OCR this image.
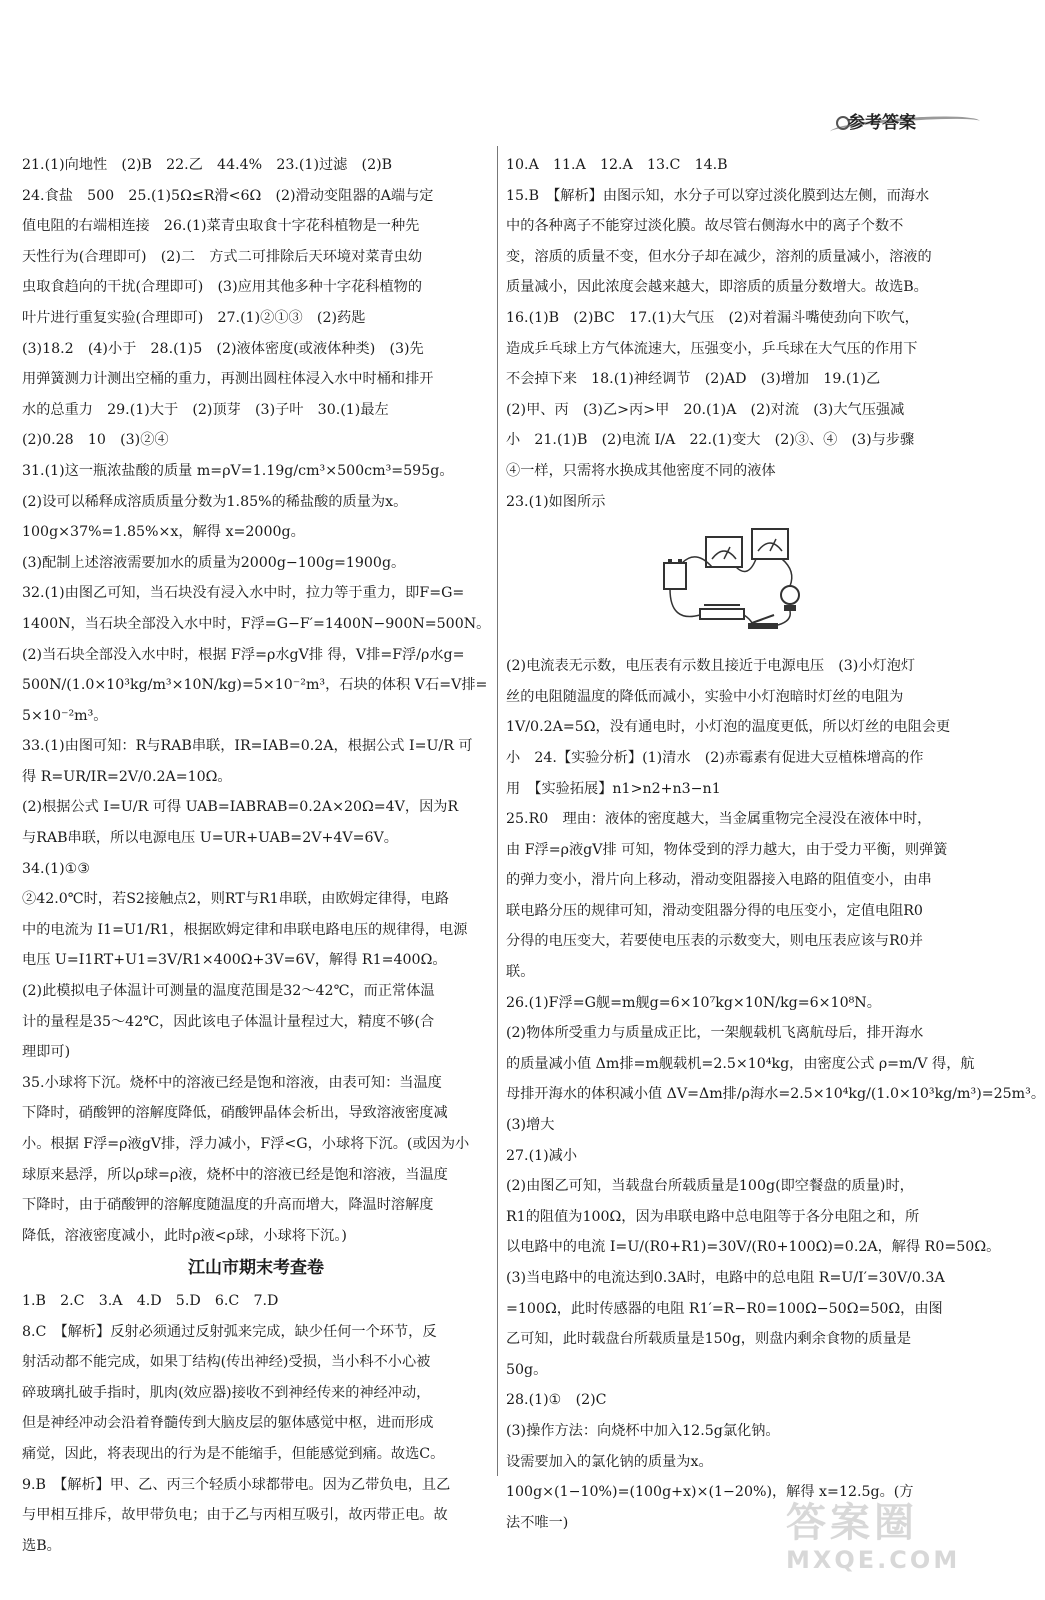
参考答案
21.(1)向地性　(2)B　22.乙　44.4%　23.(1)过滤　(2)B
24.食盐　500　25.(1)5Ω≤R滑<6Ω　(2)滑动变阻器的A端与定
值电阻的右端相连接　26.(1)菜青虫取食十字花科植物是一种先
天性行为(合理即可)　(2)二　方式二可排除后天环境对菜青虫幼
虫取食趋向的干扰(合理即可)　(3)应用其他多种十字花科植物的
叶片进行重复实验(合理即可)　27.(1)②①③　(2)药匙
(3)18.2　(4)小于　28.(1)5　(2)液体密度(或液体种类)　(3)先
用弹簧测力计测出空桶的重力，再测出圆柱体浸入水中时桶和排开
水的总重力　29.(1)大于　(2)顶芽　(3)子叶　30.(1)最左
(2)0.28　10　(3)②④
31.(1)这一瓶浓盐酸的质量 m=ρV=1.19g/cm³×500cm³=595g。
(2)设可以稀释成溶质质量分数为1.85%的稀盐酸的质量为x。
100g×37%=1.85%×x，解得 x=2000g。
(3)配制上述溶液需要加水的质量为2000g−100g=1900g。
32.(1)由图乙可知，当石块没有浸入水中时，拉力等于重力，即F=G=
1400N，当石块全部没入水中时，F浮=G−F′=1400N−900N=500N。
(2)当石块全部没入水中时，根据 F浮=ρ水gV排 得，V排=F浮/ρ水g=
500N/(1.0×10³kg/m³×10N/kg)=5×10⁻²m³，石块的体积 V石=V排=
5×10⁻²m³。
33.(1)由图可知：R与RAB串联，IR=IAB=0.2A，根据公式 I=U/R 可
得 R=UR/IR=2V/0.2A=10Ω。
(2)根据公式 I=U/R 可得 UAB=IABRAB=0.2A×20Ω=4V，因为R
与RAB串联，所以电源电压 U=UR+UAB=2V+4V=6V。
34.(1)①③
②42.0℃时，若S2接触点2，则RT与R1串联，由欧姆定律得，电路
中的电流为 I1=U1/R1，根据欧姆定律和串联电路电压的规律得，电源
电压 U=I1RT+U1=3V/R1×400Ω+3V=6V，解得 R1=400Ω。
(2)此模拟电子体温计可测量的温度范围是32～42℃，而正常体温
计的量程是35～42℃，因此该电子体温计量程过大，精度不够(合
理即可)
35.小球将下沉。烧杯中的溶液已经是饱和溶液，由表可知：当温度
下降时，硝酸钾的溶解度降低，硝酸钾晶体会析出，导致溶液密度减
小。根据 F浮=ρ液gV排，浮力减小，F浮<G，小球将下沉。(或因为小
球原来悬浮，所以ρ球=ρ液，烧杯中的溶液已经是饱和溶液，当温度
下降时，由于硝酸钾的溶解度随温度的升高而增大，降温时溶解度
降低，溶液密度减小，此时ρ液<ρ球，小球将下沉。)
江山市期末考查卷
1.B　2.C　3.A　4.D　5.D　6.C　7.D
8.C　【解析】反射必须通过反射弧来完成，缺少任何一个环节，反
射活动都不能完成，如果丁结构(传出神经)受损，当小科不小心被
碎玻璃扎破手指时，肌肉(效应器)接收不到神经传来的神经冲动，
但是神经冲动会沿着脊髓传到大脑皮层的躯体感觉中枢，进而形成
痛觉，因此，将表现出的行为是不能缩手，但能感觉到痛。故选C。
9.B　【解析】甲、乙、丙三个轻质小球都带电。因为乙带负电，且乙
与甲相互排斥，故甲带负电；由于乙与丙相互吸引，故丙带正电。故
选B。
10.A　11.A　12.A　13.C　14.B
15.B　【解析】由图示知，水分子可以穿过淡化膜到达左侧，而海水
中的各种离子不能穿过淡化膜。故尽管右侧海水中的离子个数不
变，溶质的质量不变，但水分子却在减少，溶剂的质量减小，溶液的
质量减小，因此浓度会越来越大，即溶质的质量分数增大。故选B。
16.(1)B　(2)BC　17.(1)大气压　(2)对着漏斗嘴使劲向下吹气，
造成乒乓球上方气体流速大，压强变小，乒乓球在大气压的作用下
不会掉下来　18.(1)神经调节　(2)AD　(3)增加　19.(1)乙
(2)甲、丙　(3)乙>丙>甲　20.(1)A　(2)对流　(3)大气压强减
小　21.(1)B　(2)电流 I/A　22.(1)变大　(2)③、④　(3)与步骤
④一样，只需将水换成其他密度不同的液体
23.(1)如图所示
(2)电流表无示数，电压表有示数且接近于电源电压　(3)小灯泡灯
丝的电阻随温度的降低而减小，实验中小灯泡暗时灯丝的电阻为
1V/0.2A=5Ω，没有通电时，小灯泡的温度更低，所以灯丝的电阻会更
小　24.【实验分析】(1)清水　(2)赤霉素有促进大豆植株增高的作
用　【实验拓展】n1>n2+n3−n1
25.R0　理由：液体的密度越大，当金属重物完全浸没在液体中时，
由 F浮=ρ液gV排 可知，物体受到的浮力越大，由于受力平衡，则弹簧
的弹力变小，滑片向上移动，滑动变阻器接入电路的阻值变小，由串
联电路分压的规律可知，滑动变阻器分得的电压变小，定值电阻R0
分得的电压变大，若要使电压表的示数变大，则电压表应该与R0并
联。
26.(1)F浮=G舰=m舰g=6×10⁷kg×10N/kg=6×10⁸N。
(2)物体所受重力与质量成正比，一架舰载机飞离航母后，排开海水
的质量减小值 Δm排=m舰载机=2.5×10⁴kg，由密度公式 ρ=m/V 得，航
母排开海水的体积减小值 ΔV=Δm排/ρ海水=2.5×10⁴kg/(1.0×10³kg/m³)=25m³。
(3)增大
27.(1)减小
(2)由图乙可知，当载盘台所载质量是100g(即空餐盘的质量)时，
R1的阻值为100Ω，因为串联电路中总电阻等于各分电阻之和，所
以电路中的电流 I=U/(R0+R1)=30V/(R0+100Ω)=0.2A，解得 R0=50Ω。
(3)当电路中的电流达到0.3A时，电路中的总电阻 R=U/I′=30V/0.3A
=100Ω，此时传感器的电阻 R1′=R−R0=100Ω−50Ω=50Ω，由图
乙可知，此时载盘台所载质量是150g，则盘内剩余食物的质量是
50g。
28.(1)①　(2)C
(3)操作方法：向烧杯中加入12.5g氯化钠。
设需要加入的氯化钠的质量为x。
100g×(1−10%)=(100g+x)×(1−20%)，解得 x=12.5g。(方
法不唯一)	答案圈
MXQE.COM
